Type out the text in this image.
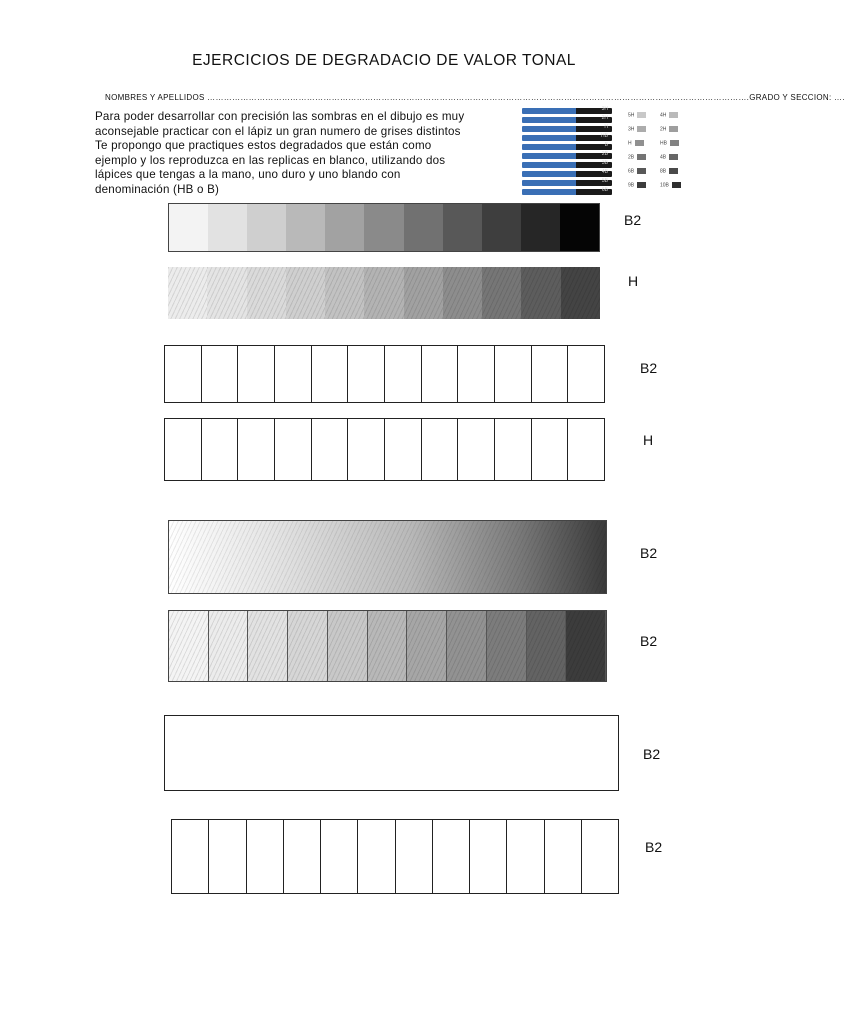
EJERCICIOS DE DEGRADACIO DE VALOR TONAL
NOMBRES Y APELLIDOS …………………………………………………………………………………………………………………………………………………………………………….GRADO Y SECCION: ….

Para poder desarrollar con precisión las sombras en el dibujo es muy

aconsejable practicar con el lápiz un gran numero de grises distintos

Te propongo que practiques estos degradados que están como

ejemplo y los reproduzca en las replicas en blanco, utilizando dos

lápices que tengas a la mano, uno duro y uno blando con

denominación (HB o B)

3H
2H
H
HB
B
2B
3B
4B
5B
6B
5H	4H
3H	2H
H	HB
2B	4B
6B	8B
9B	10B
B2
H
B2
H
B2
B2
B2
B2
